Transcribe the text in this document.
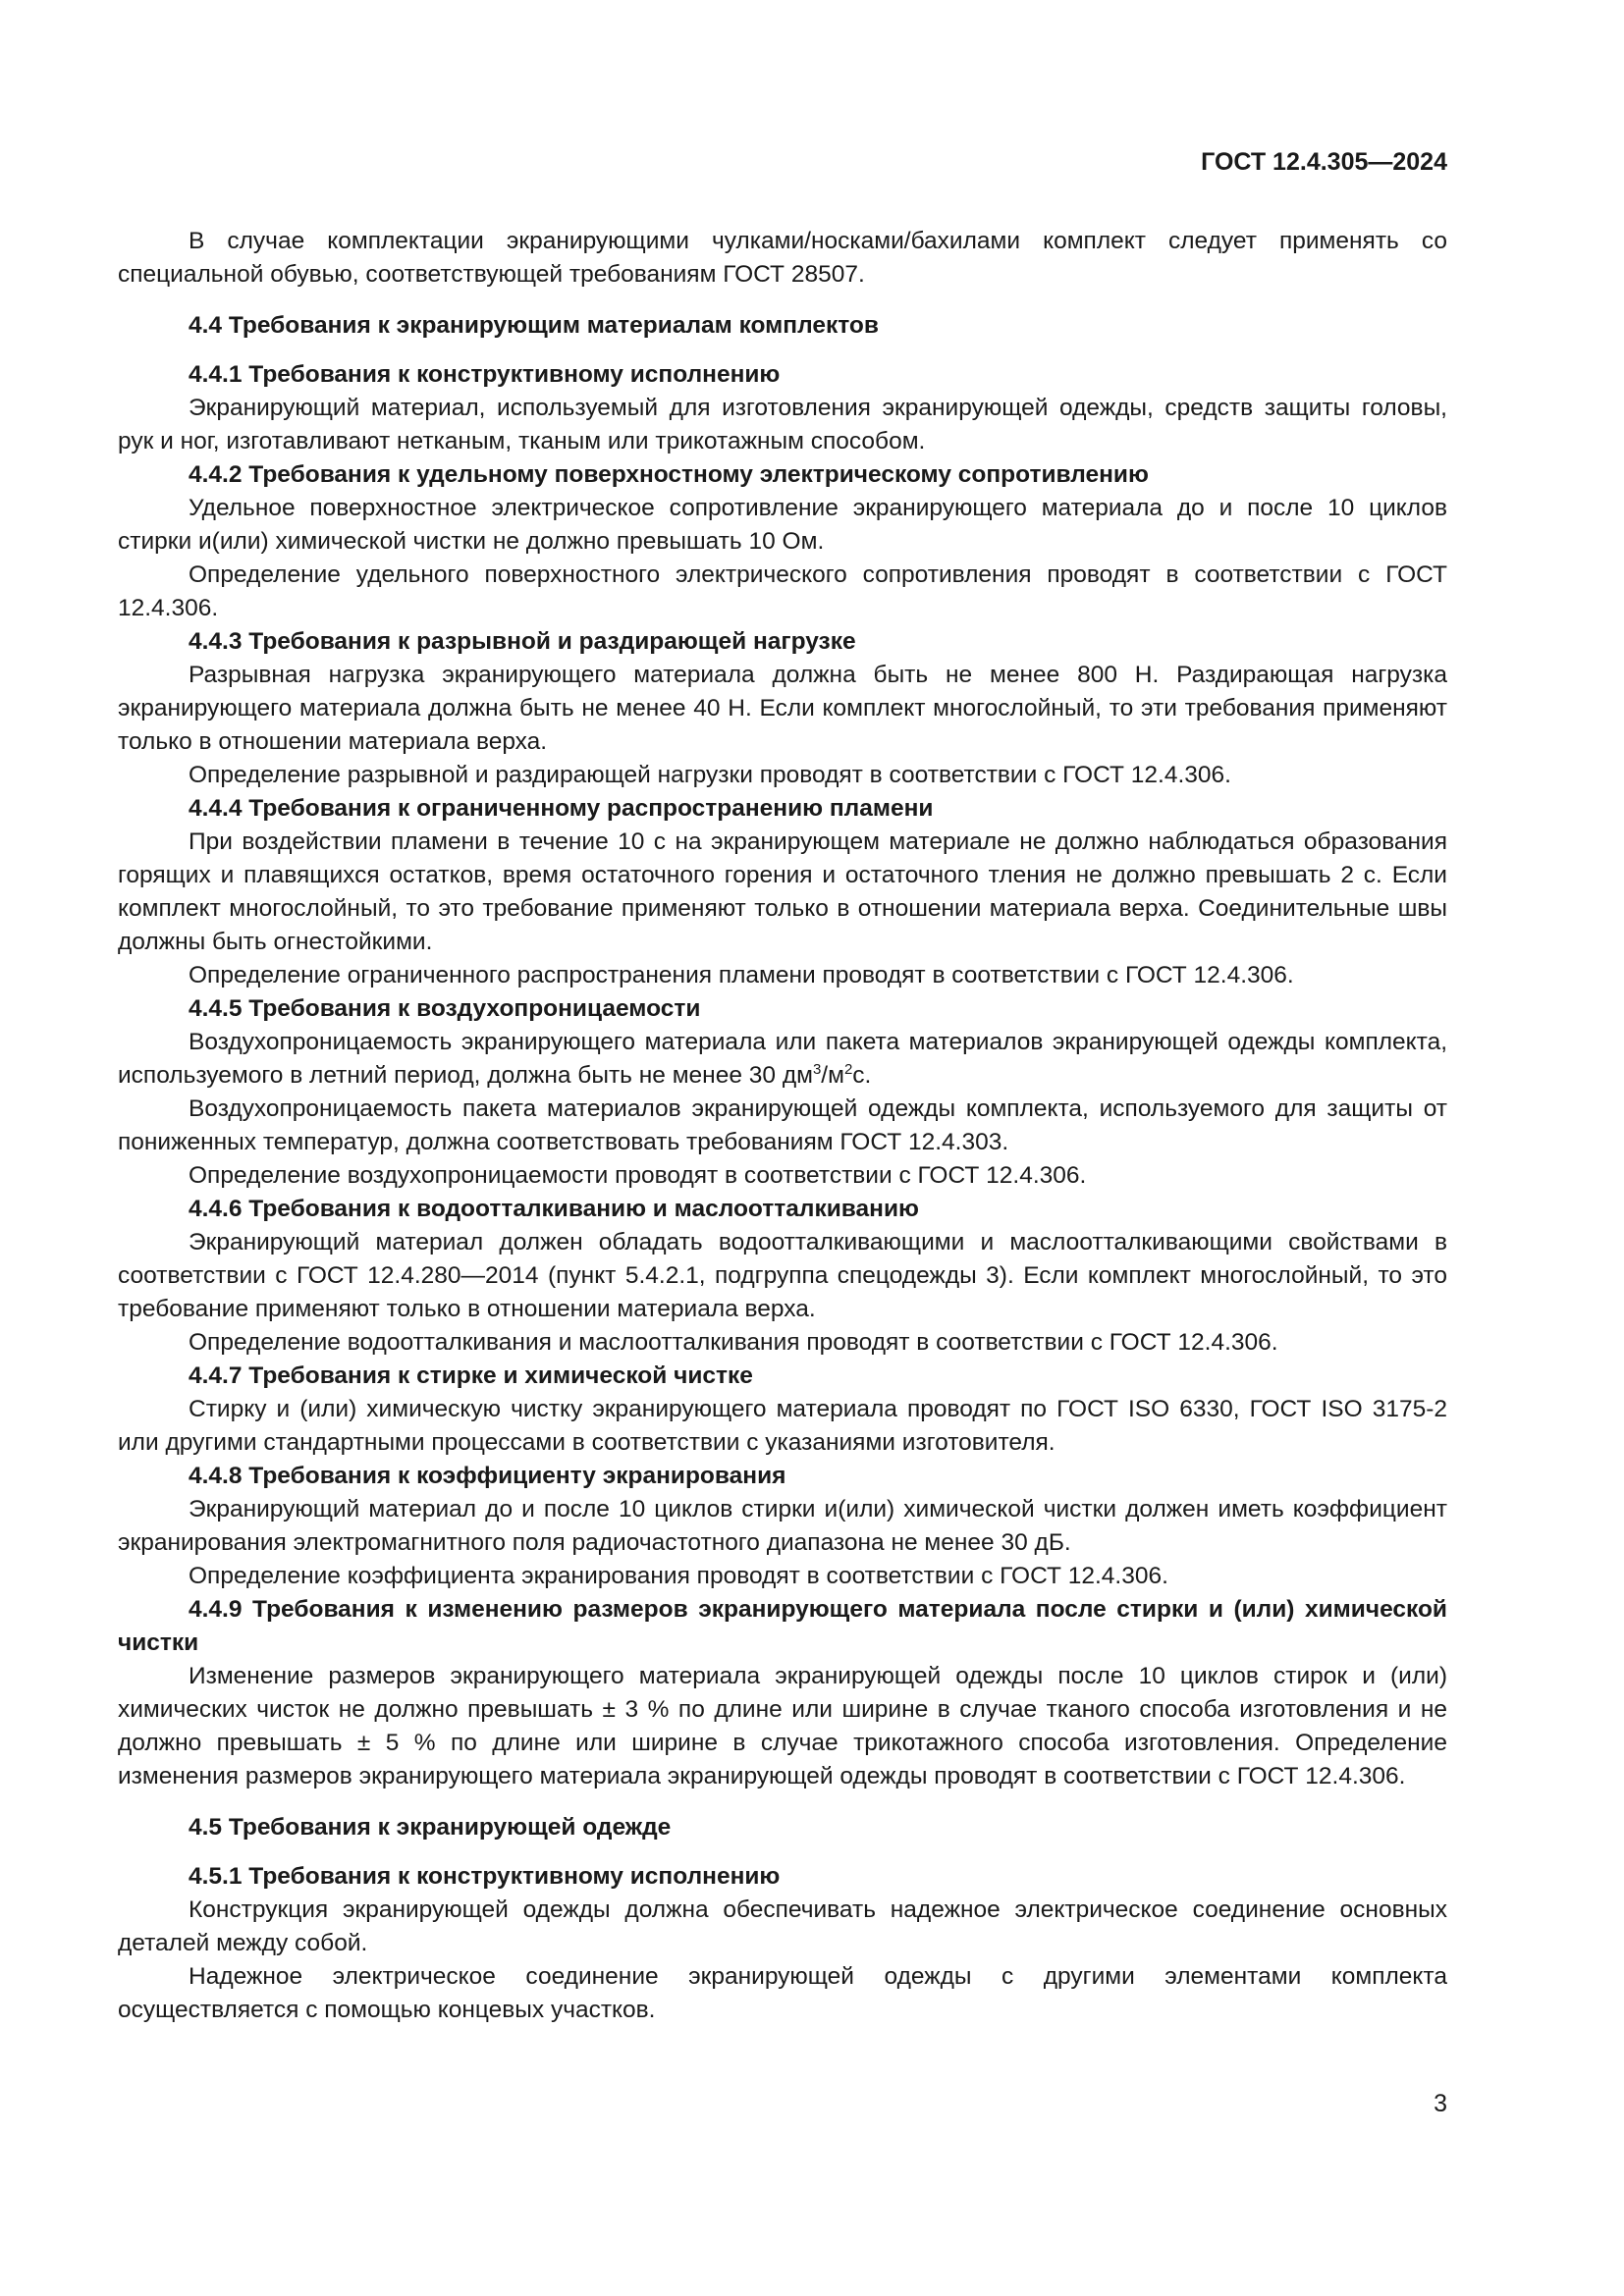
ГОСТ 12.4.305—2024

В случае комплектации экранирующими чулками/носками/бахилами комплект следует применять со специальной обувью, соответствующей требованиям ГОСТ 28507.

4.4 Требования к экранирующим материалам комплектов
4.4.1 Требования к конструктивному исполнению

Экранирующий материал, используемый для изготовления экранирующей одежды, средств защиты головы, рук и ног, изготавливают нетканым, тканым или трикотажным способом.

4.4.2 Требования к удельному поверхностному электрическому сопротивлению

Удельное поверхностное электрическое сопротивление экранирующего материала до и после 10 циклов стирки и(или) химической чистки не должно превышать 10 Ом.

Определение удельного поверхностного электрического сопротивления проводят в соответствии с ГОСТ 12.4.306.

4.4.3 Требования к разрывной и раздирающей нагрузке

Разрывная нагрузка экранирующего материала должна быть не менее 800 Н. Раздирающая нагрузка экранирующего материала должна быть не менее 40 Н. Если комплект многослойный, то эти требования применяют только в отношении материала верха.

Определение разрывной и раздирающей нагрузки проводят в соответствии с ГОСТ 12.4.306.

4.4.4 Требования к ограниченному распространению пламени

При воздействии пламени в течение 10 с на экранирующем материале не должно наблюдаться образования горящих и плавящихся остатков, время остаточного горения и остаточного тления не должно превышать 2 с. Если комплект многослойный, то это требование применяют только в отношении материала верха. Соединительные швы должны быть огнестойкими.

Определение ограниченного распространения пламени проводят в соответствии с ГОСТ 12.4.306.

4.4.5 Требования к воздухопроницаемости

Воздухопроницаемость экранирующего материала или пакета материалов экранирующей одежды комплекта, используемого в летний период, должна быть не менее 30 $дм^3/м^2с$.

Воздухопроницаемость пакета материалов экранирующей одежды комплекта, используемого для защиты от пониженных температур, должна соответствовать требованиям ГОСТ 12.4.303.

Определение воздухопроницаемости проводят в соответствии с ГОСТ 12.4.306.

4.4.6 Требования к водоотталкиванию и маслоотталкиванию

Экранирующий материал должен обладать водоотталкивающими и маслоотталкивающими свойствами в соответствии с ГОСТ 12.4.280—2014 (пункт 5.4.2.1, подгруппа спецодежды 3). Если комплект многослойный, то это требование применяют только в отношении материала верха.

Определение водоотталкивания и маслоотталкивания проводят в соответствии с ГОСТ 12.4.306.

4.4.7 Требования к стирке и химической чистке

Стирку и (или) химическую чистку экранирующего материала проводят по ГОСТ ISO 6330, ГОСТ ISO 3175-2 или другими стандартными процессами в соответствии с указаниями изготовителя.

4.4.8 Требования к коэффициенту экранирования

Экранирующий материал до и после 10 циклов стирки и(или) химической чистки должен иметь коэффициент экранирования электромагнитного поля радиочастотного диапазона не менее 30 дБ.

Определение коэффициента экранирования проводят в соответствии с ГОСТ 12.4.306.

4.4.9 Требования к изменению размеров экранирующего материала после стирки и (или) химической чистки

Изменение размеров экранирующего материала экранирующей одежды после 10 циклов стирок и (или) химических чисток не должно превышать ± 3 % по длине или ширине в случае тканого способа изготовления и не должно превышать ± 5 % по длине или ширине в случае трикотажного способа изготовления. Определение изменения размеров экранирующего материала экранирующей одежды проводят в соответствии с ГОСТ 12.4.306.

4.5 Требования к экранирующей одежде
4.5.1 Требования к конструктивному исполнению

Конструкция экранирующей одежды должна обеспечивать надежное электрическое соединение основных деталей между собой.

Надежное электрическое соединение экранирующей одежды с другими элементами комплекта осуществляется с помощью концевых участков.

3
